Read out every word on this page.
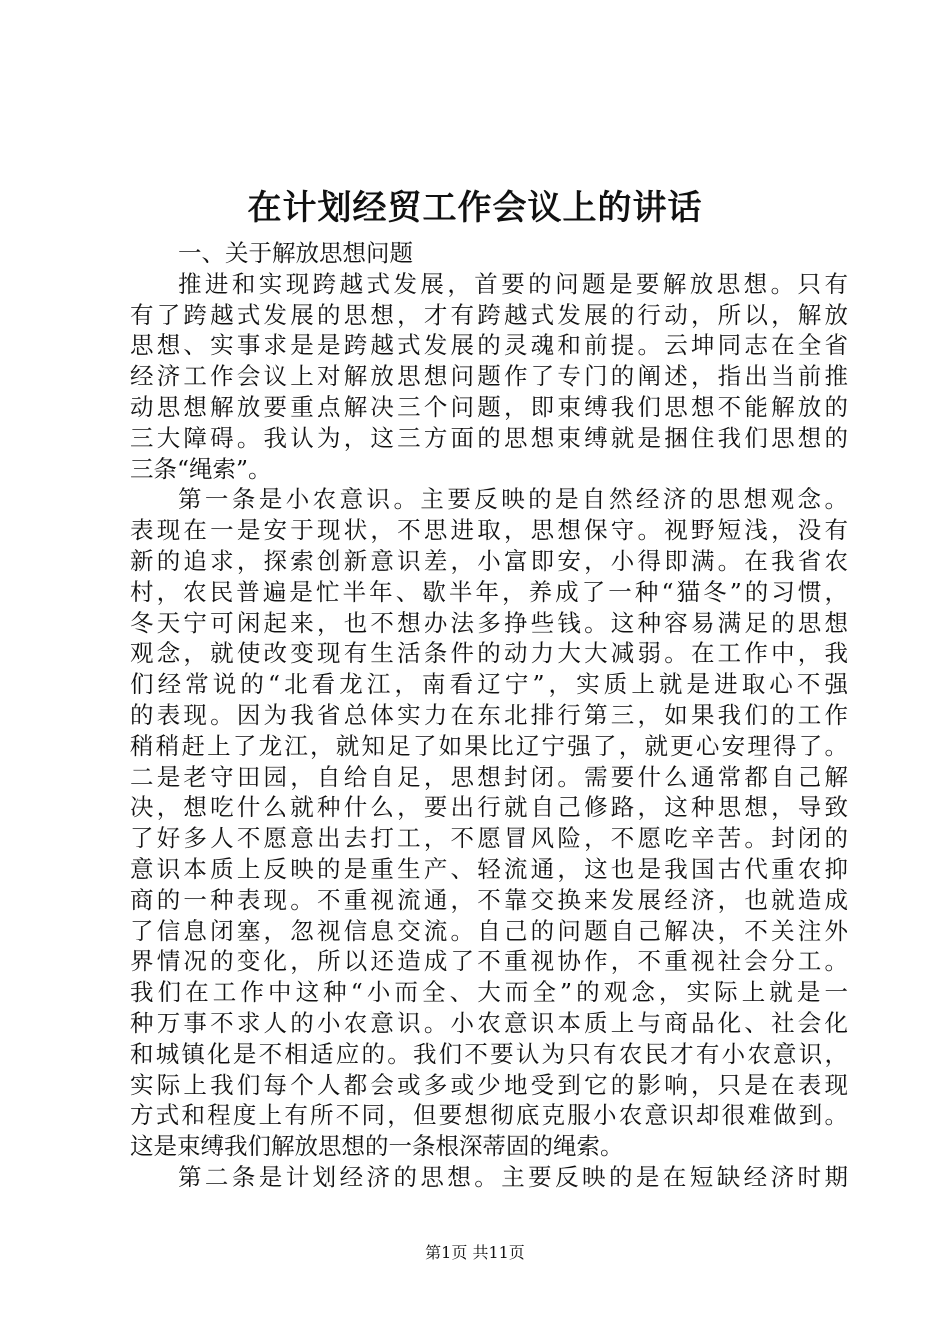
在计划经贸工作会议上的讲话
一、关于解放思想问题
推进和实现跨越式发展，首要的问题是要解放思想。只有
有了跨越式发展的思想，才有跨越式发展的行动，所以，解放
思想、实事求是是跨越式发展的灵魂和前提。云坤同志在全省
经济工作会议上对解放思想问题作了专门的阐述，指出当前推
动思想解放要重点解决三个问题，即束缚我们思想不能解放的
三大障碍。我认为，这三方面的思想束缚就是捆住我们思想的
三条“绳索”。
第一条是小农意识。主要反映的是自然经济的思想观念。
表现在一是安于现状，不思进取，思想保守。视野短浅，没有
新的追求，探索创新意识差，小富即安，小得即满。在我省农
村，农民普遍是忙半年、歇半年，养成了一种“猫冬”的习惯，
冬天宁可闲起来，也不想办法多挣些钱。这种容易满足的思想
观念，就使改变现有生活条件的动力大大减弱。在工作中，我
们经常说的“北看龙江，南看辽宁”，实质上就是进取心不强
的表现。因为我省总体实力在东北排行第三，如果我们的工作
稍稍赶上了龙江，就知足了如果比辽宁强了，就更心安理得了。
二是老守田园，自给自足，思想封闭。需要什么通常都自己解
决，想吃什么就种什么，要出行就自己修路，这种思想，导致
了好多人不愿意出去打工，不愿冒风险，不愿吃辛苦。封闭的
意识本质上反映的是重生产、轻流通，这也是我国古代重农抑
商的一种表现。不重视流通，不靠交换来发展经济，也就造成
了信息闭塞，忽视信息交流。自己的问题自己解决，不关注外
界情况的变化，所以还造成了不重视协作，不重视社会分工。
我们在工作中这种“小而全、大而全”的观念，实际上就是一
种万事不求人的小农意识。小农意识本质上与商品化、社会化
和城镇化是不相适应的。我们不要认为只有农民才有小农意识，
实际上我们每个人都会或多或少地受到它的影响，只是在表现
方式和程度上有所不同，但要想彻底克服小农意识却很难做到。
这是束缚我们解放思想的一条根深蒂固的绳索。
第二条是计划经济的思想。主要反映的是在短缺经济时期
第1页 共11页
